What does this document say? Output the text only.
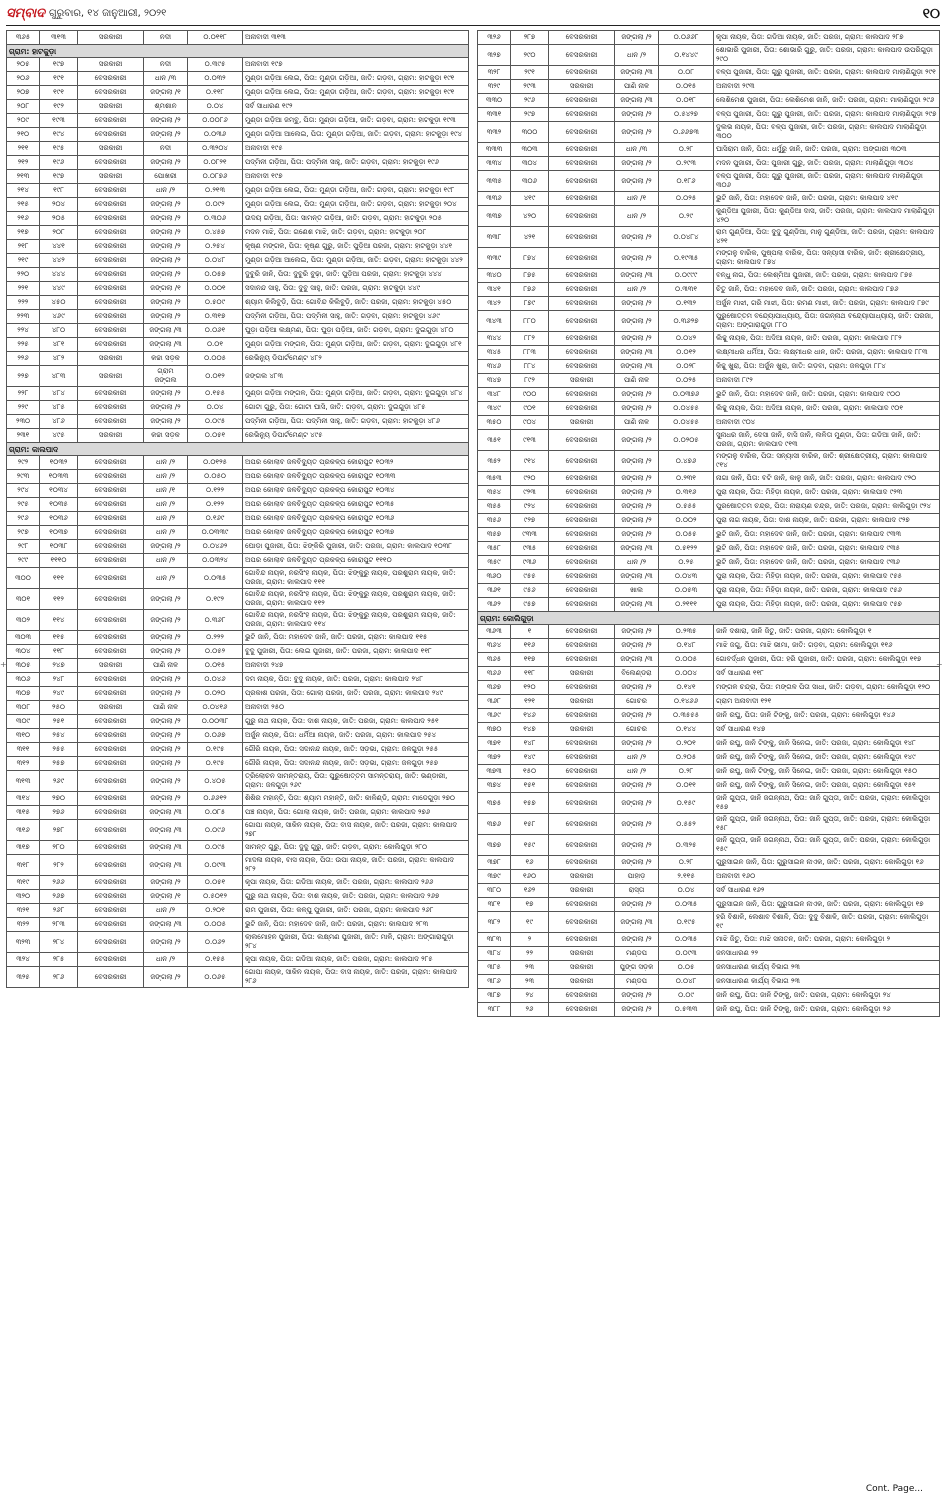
ସମ୍ବାଦ ଗୁରୁବାର, ୧୪ ଜାନୁଆରୀ, ୨୦୨୧	୧୦
+	+
୩୬୫	୩୧୩	ସରକାରୀ	ନଦୀ	୦.୦୧୧୮	ଅନାବାଦୀ ୩୧୩
ଗ୍ରାମ: ହାଟକୁଡ଼ା					
୨୦୫	୧୯୭	ସରକାରୀ	ନଦୀ	୦.୩୯୫	ଅନାବାଦୀ ୧୯୭
୨୦୬	୧୯୧	ବେସରକାରୀ	ଧାନ /୩	୦.୦୩୨	ମୁଣ୍ଡା ଗଡ଼ିଆ ଲେଇ, ପିତା: ମୁଣ୍ଡା ଗଡ଼ିଆ, ଜାତି: ଗଡ଼ବା, ଗ୍ରାମ: ହାଟକୁଡ଼ା ୧୯୧
୨୦୭	୧୯୧	ବେସରକାରୀ	ଜଙ୍ଗଲା /୧	୦.୧୧୮	ମୁଣ୍ଡା ଗଡ଼ିଆ ଲେଇ, ପିତା: ମୁଣ୍ଡା ଗଡ଼ିଆ, ଜାତି: ଗଡ଼ବା, ଗ୍ରାମ: ହାଟକୁଡ଼ା ୧୯୧
୨୦୮	୧୯୨	ସରକାରୀ	ଶ୍ମଶାନ	୦.୦୪	ସର୍ବ ସାଧାରଣ ୧୯୨
୨୦୯	୧୯୩	ବେସରକାରୀ	ଜଙ୍ଗଲା /୨	୦.୦୦୮୬	ମୁଣ୍ଡା ଗଡ଼ିଆ ଜମ୍ବୁ, ପିତା: ମୁଣ୍ଡା ଗଡ଼ିଆ, ଜାତି: ଗଡ଼ବା, ଗ୍ରାମ: ହାଟକୁଡ଼ା ୧୯୩
୨୧୦	୧୯୪	ବେସରକାରୀ	ଜଙ୍ଗଲା /୨	୦.୦୩୬	ମୁଣ୍ଡା ଗଡ଼ିଆ ଆଲେଇ, ପିତା: ମୁଣ୍ଡା ଗଡ଼ିଆ, ଜାତି: ଗଡ଼ବା, ଗ୍ରାମ: ହାଟକୁଡ଼ା ୧୯୪
୨୧୧	୧୯୫	ସରକାରୀ	ନଦୀ	୦.୩୨୦୪	ଅନାବାଦୀ ୧୯୫
୨୧୨	୧୯୬	ବେସରକାରୀ	ଜଙ୍ଗଲା /୨	୦.୦୮୨୧	ପଦ୍ମିନୀ ଗଡ଼ିଆ, ପିତା: ପଦ୍ମିନୀ ସାହୁ, ଜାତି: ଗଡ଼ବା, ଗ୍ରାମ: ହାଟକୁଡ଼ା ୧୯୬
୨୧୩	୧୯୭	ସରକାରୀ	ପୋଖରୀ	୦.୦୮୭୬	ଅନାବାଦୀ ୧୯୭
୨୧୪	୧୯୮	ବେସରକାରୀ	ଧାନ /୨	୦.୨୧୩	ମୁଣ୍ଡା ଗଡ଼ିଆ ଲେଇ, ପିତା: ମୁଣ୍ଡା ଗଡ଼ିଆ, ଜାତି: ଗଡ଼ବା, ଗ୍ରାମ: ହାଟକୁଡ଼ା ୧୯୮
୨୧୫	୨୦୪	ବେସରକାରୀ	ଜଙ୍ଗଲା /୨	୦.୦୯୨	ମୁଣ୍ଡା ଗଡ଼ିଆ ଲେଇ, ପିତା: ମୁଣ୍ଡା ଗଡ଼ିଆ, ଜାତି: ଗଡ଼ବା, ଗ୍ରାମ: ହାଟକୁଡ଼ା ୨୦୪
୨୧୬	୨୦୫	ବେସରକାରୀ	ଜଙ୍ଗଲା /୨	୦.୩୦୬	ଉଦୟ ଗଡ଼ିଆ, ପିତା: ସାମନ୍ତ ଗଡ଼ିଆ, ଜାତି: ଗଡ଼ବା, ଗ୍ରାମ: ହାଟକୁଡ଼ା ୨୦୫
୨୧୭	୨୦୮	ବେସରକାରୀ	ଜଙ୍ଗଲା /୨	୦.୪୫୭	ମଦନ ମାଝି, ପିତା: ଗଣେଶ ମାଝି, ଜାତି: ଗଡ଼ବା, ଗ୍ରାମ: ହାଟକୁଡ଼ା ୨୦୮
୨୧୮	୪୪୧	ବେସରକାରୀ	ଜଙ୍ଗଲା /୨	୦.୨୫୪	କୃଷ୍ଣ ମଙ୍ଗଳ, ପିତା: କୃଷ୍ଣ ଗୁରୁ, ଜାତି: ପୁଡ଼ିଆ ପରଜା, ଗ୍ରାମ: ହାଟକୁଡ଼ା ୪୪୧
୨୧୯	୪୪୨	ବେସରକାରୀ	ଜଙ୍ଗଲା /୨	୦.୦୪୮	ମୁଣ୍ଡା ଗଡ଼ିଆ ଆଲେଇ, ପିତା: ମୁଣ୍ଡା ଗଡ଼ିଆ, ଜାତି: ଗଡ଼ବା, ଗ୍ରାମ: ହାଟକୁଡ଼ା ୪୪୨
୨୨୦	୪୪୪	ବେସରକାରୀ	ଜଙ୍ଗଲା /୨	୦.୦୫୭	ଦୁବୁରି ଜାନି, ପିତା: ଦୁବୁରି ବୁଢ଼ା, ଜାତି: ପୁଡ଼ିଆ ପରଜା, ଗ୍ରାମ: ହାଟକୁଡ଼ା ୪୪୪
୨୨୧	୪୪୯	ବେସରକାରୀ	ଜଙ୍ଗଲା /୧	୦.୦୦୧	ସଦାନନ୍ଦ ସାହୁ, ପିତା: ଦୁବୁ ସାହୁ, ଜାତି: ପରଜା, ଗ୍ରାମ: ହାଟକୁଡ଼ା ୪୪୯
୨୨୨	୪୫୦	ବେସରକାରୀ	ଜଙ୍ଗଲା /୨	୦.୫୦୯	ଶ୍ୟାମ କିଲିବୁଡ଼ି, ପିତା: ଗୋବିନ୍ଦ କିଲିବୁଡ଼ି, ଜାତି: ପରଜା, ଗ୍ରାମ: ହାଟକୁଡ଼ା ୪୫୦
୨୨୩	୪୬୯	ବେସରକାରୀ	ଜଙ୍ଗଲା /୨	୦.୩୧୭	ପଦ୍ମିନୀ ଗଡ଼ିଆ, ପିତା: ପଦ୍ମିନୀ ସାହୁ, ଜାତି: ଗଡ଼ବା, ଗ୍ରାମ: ହାଟକୁଡ଼ା ୪୬୯
୨୨୪	୪୮୦	ବେସରକାରୀ	ଜଙ୍ଗଲା /୩	୦.୦୬୧	ଘୁଡ଼ା ପଡ଼ିଆ ଲକ୍ଷ୍ମଣ, ପିତା: ଘୁଡ଼ା ପଡ଼ିଆ, ଜାତି: ଗଡ଼ବା, ଗ୍ରାମ: ଦୁଇଗୁଡ଼ା ୪୮୦
୨୨୫	୪୮୧	ବେସରକାରୀ	ଜଙ୍ଗଲା /୩	୦.୦୧	ମୁଣ୍ଡା ଗଡ଼ିଆ ମଙ୍ଗଳ, ପିତା: ମୁଣ୍ଡା ଗଡ଼ିଆ, ଜାତି: ଗଡ଼ବା, ଗ୍ରାମ: ଦୁଇଗୁଡ଼ା ୪୮୧
୨୨୬	୪୮୨	ସରକାରୀ	କଚ୍ଚା ସଡ଼କ	୦.୦୦୫	ରେଭିନ୍ୟୁ ଡିପାର୍ଟମେଣ୍ଟ ୪୮୨
୨୨୭	୪୮୩	ସରକାରୀ	ଗ୍ରାମ ଜଙ୍ଗଲ	୦.୦୧୨	ଜଙ୍ଗଲ ୪୮୩
୨୨୮	୪୮୪	ବେସରକାରୀ	ଜଙ୍ଗଲା /୨	୦.୧୫୫	ମୁଣ୍ଡା ଗଡ଼ିଆ ମଙ୍ଗଳ, ପିତା: ମୁଣ୍ଡା ଗଡ଼ିଆ, ଜାତି: ଗଡ଼ବା, ଗ୍ରାମ: ଦୁଇଗୁଡ଼ା ୪୮୪
୨୨୯	୪୮୫	ବେସରକାରୀ	ଜଙ୍ଗଲା /୨	୦.୦୪	ଗୋଟା ଗୁରୁ, ପିତା: ଗୋଟା ଘାସି, ଜାତି: ଗଡ଼ବା, ଗ୍ରାମ: ଦୁଇଗୁଡ଼ା ୪୮୫
୨୩୦	୪୮୬	ବେସରକାରୀ	ଜଙ୍ଗଲା /୨	୦.୦୯୫	ପଦ୍ମିନୀ ଗଡ଼ିଆ, ପିତା: ପଦ୍ମିନୀ ସାହୁ, ଜାତି: ଗଡ଼ବା, ଗ୍ରାମ: ହାଟକୁଡ଼ା ୪୮୬
୨୩୧	୪୯୫	ସରକାରୀ	କଚ୍ଚା ସଡ଼କ	୦.୦୫୧	ରେଭିନ୍ୟୁ ଡିପାର୍ଟମେଣ୍ଟ ୪୯୫
ଗ୍ରାମ: କାଲପାଦ					
୨୯୨	୧୦୩୨	ବେସରକାରୀ	ଧାନ /୨	୦.୦୧୨୫	ଅପର କୋଲାବ ଜଳବିଦ୍ୟୁତ ପ୍ରକଳ୍ପ କୋରାପୁଟ ୧୦୩୨
୨୯୩	୧୦୩୩	ବେସରକାରୀ	ଧାନ /୨	୦.୦୫୦	ଅପର କୋଲାବ ଜଳବିଦ୍ୟୁତ ପ୍ରକଳ୍ପ କୋରାପୁଟ ୧୦୩୩
୨୯୪	୧୦୩୪	ବେସରକାରୀ	ଧାନ /୧	୦.୧୨୨	ଅପର କୋଲାବ ଜଳବିଦ୍ୟୁତ ପ୍ରକଳ୍ପ କୋରାପୁଟ ୧୦୩୪
୨୯୫	୧୦୩୫	ବେସରକାରୀ	ଧାନ /୨	୦.୧୨୨	ଅପର କୋଲାବ ଜଳବିଦ୍ୟୁତ ପ୍ରକଳ୍ପ କୋରାପୁଟ ୧୦୩୫
୨୯୬	୧୦୩୬	ବେସରକାରୀ	ଧାନ /୨	୦.୧୬୯	ଅପର କୋଲାବ ଜଳବିଦ୍ୟୁତ ପ୍ରକଳ୍ପ କୋରାପୁଟ ୧୦୩୬
୨୯୭	୧୦୩୭	ବେସରକାରୀ	ଧାନ /୨	୦.୦୩୩୯	ଅପର କୋଲାବ ଜଳବିଦ୍ୟୁତ ପ୍ରକଳ୍ପ କୋରାପୁଟ ୧୦୩୭
୨୯୮	୧୦୩୮	ବେସରକାରୀ	ଜଙ୍ଗଲା /୨	୦.୦୪୬୨	ଘୋଡ଼ା ପୁଜାରୀ, ପିତା: ଝିଙ୍କିରି ପୁଜାରୀ, ଜାତି: ପରଜା, ଗ୍ରାମ: କାଲପାଦ ୧୦୩୮
୨୯୯	୧୧୧୦	ବେସରକାରୀ	ଧାନ /୨	୦.୦୩୨୪	ଅପର କୋଲାବ ଜଳବିଦ୍ୟୁତ ପ୍ରକଳ୍ପ କୋରାପୁଟ ୧୧୧୦
୩୦୦	୧୧୧	ବେସରକାରୀ	ଧାନ /୨	୦.୦୩୫	ଗୋବିନ୍ଦ ନାୟକ, ନରସିଂହ ନାୟକ, ପିତା: ଝିଙ୍କୁରୁ ନାୟକ, ପରଶୁରାମ ନାୟକ, ଜାତି: ପରଜା, ଗ୍ରାମ: କାଲପାଦ ୧୧୧
୩୦୧	୧୧୨	ବେସରକାରୀ	ଜଙ୍ଗଲା /୨	୦.୧୯୨	ଗୋବିନ୍ଦ ନାୟକ, ନରସିଂହ ନାୟକ, ପିତା: ଝିଙ୍କୁରୁ ନାୟକ, ପରଶୁରାମ ନାୟକ, ଜାତି: ପରଜା, ଗ୍ରାମ: କାଲପାଦ ୧୧୨
୩୦୨	୧୧୪	ବେସରକାରୀ	ଜଙ୍ଗଲା /୨	୦.୩୬୮	ଗୋବିନ୍ଦ ନାୟକ, ନରସିଂହ ନାୟକ, ପିତା: ଝିଙ୍କୁରୁ ନାୟକ, ପରଶୁରାମ ନାୟକ, ଜାତି: ପରଜା, ଗ୍ରାମ: କାଲପାଦ ୧୧୪
୩୦୩	୧୧୫	ବେସରକାରୀ	ଜଙ୍ଗଲା /୨	୦.୨୨୨	ଭୁଟି ଜାନି, ପିତା: ମହାଦେବ ଜାନି, ଜାତି: ପରଜା, ଗ୍ରାମ: କାଲପାଦ ୧୧୫
୩୦୪	୧୧୮	ବେସରକାରୀ	ଜଙ୍ଗଲା /୨	୦.୦୫୨	ବୁଦୁ ପୁଜାରୀ, ପିତା: ଲେଇ ପୁଜାରୀ, ଜାତି: ପରଜା, ଗ୍ରାମ: କାଲପାଦ ୧୧୮
୩୦୫	୨୪୭	ସରକାରୀ	ପାଣି ନାଳ	୦.୦୧୫	ଅନାବାଦୀ ୨୪୭
୩୦୬	୨୪୮	ବେସରକାରୀ	ଜଙ୍ଗଲା /୨	୦.୦୪୬	ଦମ ନାୟକ, ପିତା: ବୁଦୁ ନାୟକ, ଜାତି: ପରଜା, ଗ୍ରାମ: କାଲପାଦ ୨୪୮
୩୦୭	୨୪୯	ବେସରକାରୀ	ଜଙ୍ଗଲା /୨	୦.୦୨୦	ପ୍ରକାଶ ପରଜା, ପିତା: ଗୋଲା ପରଜା, ଜାତି: ପରଜା, ଗ୍ରାମ: କାଲପାଦ ୨୪୯
୩୦୮	୨୫୦	ସରକାରୀ	ପାଣି ନାଳ	୦.୦୪୧୬	ଅନାବାଦୀ ୨୫୦
୩୦୯	୨୫୧	ବେସରକାରୀ	ଜଙ୍ଗଲା /୨	୦.୦୦୩୮	ଗୁରୁ ନାଥ ନାୟକ, ପିତା: ଦାଶ ନାୟକ, ଜାତି: ପରଜା, ଗ୍ରାମ: କାଲପାଦ ୨୫୧
୩୧୦	୨୫୪	ବେସରକାରୀ	ଜଙ୍ଗଲା /୨	୦.୦୬୭	ଅର୍ଜୁନ ନାୟକ, ପିତା: ଧର୍ମିଆ ନାୟକ, ଜାତି: ପରଜା, ଗ୍ରାମ: କାଲପାଦ ୨୫୪
୩୧୧	୨୫୫	ବେସରକାରୀ	ଜଙ୍ଗଲା /୨	୦.୧୯୫	ଗୌରି ନାୟକ, ପିତା: ସଦାନନ୍ଦ ନାୟକ, ଜାତି: ସଡ଼ଭା, ଗ୍ରାମ: ଜଳଗୁଡ଼ା ୨୫୫
୩୧୨	୨୫୭	ବେସରକାରୀ	ଜଙ୍ଗଲା /୨	୦.୧୯୫	ଗୌରି ନାୟକ, ପିତା: ସଦାନନ୍ଦ ନାୟକ, ଜାତି: ସଡ଼ଭା, ଗ୍ରାମ: ଜଳଗୁଡ଼ା ୨୫୭
୩୧୩	୨୬୯	ବେସରକାରୀ	ଜଙ୍ଗଲା /୨	୦.୪୦୫	ତ୍ରିଲୋଚନ ସାମନ୍ତରାୟ, ପିତା: ପୁରୁଷୋତ୍ତମ ସାମନ୍ତରାୟ, ଜାତି: ଭଣ୍ଡାରୀ, ଗ୍ରାମ: ଜଳଗୁଡ଼ା ୨୬୯
୩୧୪	୨୭୦	ବେସରକାରୀ	ଜଙ୍ଗଲା /୨	୦.୬୬୧୨	ଶିଶିର ମହାନ୍ତି, ପିତା: ଶ୍ୟାମ ମହାନ୍ତି, ଜାତି: କାଳିଣ୍ଡି, ଗ୍ରାମ: ମାଡେଗୁଡ଼ା ୨୭୦
୩୧୫	୨୭୬	ବେସରକାରୀ	ଜଙ୍ଗଲା /୩	୦.୦୮୫	ପଞ୍ଚ ନାୟକ, ପିତା: ଗୋଲା ନାୟକ, ଜାତି: ପରଜା, ଗ୍ରାମ: କାଲପାଦ ୨୭୬
୩୧୬	୨୭୮	ବେସରକାରୀ	ଜଙ୍ଗଲା /୩	୦.୦୯୬	ଗୋପା ନାୟକ, ସାକିନ ନାୟକ, ପିତା: ବାସ ନାୟକ, ଜାତି: ପରଜା, ଗ୍ରାମ: କାଲପାଦ ୨୭୮
୩୧୭	୨୮୦	ବେସରକାରୀ	ଜଙ୍ଗଲା /୩	୦.୦୯୫	ସାମନ୍ତ ଗୁରୁ, ପିତା: ଦୁଦୁ ଗୁରୁ, ଜାତି: ଗଡ଼ବା, ଗ୍ରାମ: କୋଲିଗୁଡ଼ା ୨୮୦
୩୧୮	୨୮୨	ବେସରକାରୀ	ଜଙ୍ଗଲା /୩	୦.୦୯୩	ମାଦଳା ନାୟକ, ବାସ ନାୟକ, ପିତା: ଉପା ନାୟକ, ଜାତି: ପରଜା, ଗ୍ରାମ: କାଲପାଦ ୨୮୨
୩୧୯	୨୬୬	ବେସରକାରୀ	ଜଙ୍ଗଲା /୨	୦.୦୫୧	କୃପା ନାୟକ, ପିତା: ଗଡିଆ ନାୟକ, ଜାତି: ପରଜା, ଗ୍ରାମ: କାଲପାଦ ୨୬୬
୩୨୦	୨୬୭	ବେସରକାରୀ	ଜଙ୍ଗଲା /୧	୦.୫୦୧୨	ଗୁରୁ ନାଥ ନାୟକ, ପିତା: ବାଶ ନାୟକ, ଜାତି: ପରଜା, ଗ୍ରାମ: କାଲପାଦ ୨୬୭
୩୨୧	୨୬୮	ବେସରକାରୀ	ଧାନ /୨	୦.୨୦୧	ରାମ ପୁଜାରୀ, ପିତା: କଳ୍ପୁ ପୁଜାରୀ, ଜାତି: ପରଜା, ଗ୍ରାମ: କାଲପାଦ ୨୬୮
୩୨୨	୨୮୩	ବେସରକାରୀ	ଜଙ୍ଗଲା /୩	୦.୦୦୫	ଭୁଟି ଜାନି, ପିତା: ମହାଦେବ ଜାନି, ଜାତି: ପରଜା, ଗ୍ରାମ: କାଲପାଦ ୨୮୩
୩୨୩	୨୮୪	ବେସରକାରୀ	ଜଙ୍ଗଲା /୨	୦.୦୬୨	ଲାଲମୋହନ ପୁଜାରୀ, ପିତା: ଲକ୍ଷ୍ମଣ ପୁଜାରୀ, ଜାତି: ମାଳି, ଗ୍ରାମ: ଅଙ୍ଗାରାଗୁଡ଼ା ୨୮୪
୩୨୪	୨୮୫	ବେସରକାରୀ	ଧାନ /୨	୦.୧୫୫	କୃପା ନାୟକ, ପିତା: ଗଡିଆ ନାୟକ, ଜାତି: ପରଜା, ଗ୍ରାମ: କାଲପାଦ ୨୮୫
୩୨୫	୨୮୬	ବେସରକାରୀ	ଜଙ୍ଗଲା /୨	୦.୦୬୫	ଗୋପା ନାୟକ, ସାକିନ ନାୟକ, ପିତା: ବାସ ନାୟକ, ଜାତି: ପରଜା, ଗ୍ରାମ: କାଲପାଦ ୨୮୬
୩୨୬	୨୮୭	ବେସରକାରୀ	ଜଙ୍ଗଲା /୨	୦.୦୬୬୮	କୃପା ନାୟକ, ପିତା: ଗଡିଆ ନାୟକ, ଜାତି: ପରଜା, ଗ୍ରାମ: କାଲପାଦ ୨୮୭
୩୨୭	୨୯୦	ବେସରକାରୀ	ଧାନ /୨	୦.୧୪୪୯	ଶୋଭାରି ପୁଜାରୀ, ପିତା: ଶୋଭାରି ଗୁରୁ, ଜାତି: ପରଜା, ଗ୍ରାମ: କାଲପାଦ ଉପରିଗୁଡ଼ା ୨୯୦
୩୨୮	୨୯୧	ବେସରକାରୀ	ଜଙ୍ଗଲା /୩	୦.୦୮	ବଳ୍ପ ପୁଜାରୀ, ପିତା: ଗୁରୁ ପୁଜାରୀ, ଜାତି: ପରଜା, ଗ୍ରାମ: କାଲପାଦ ମାଲାଣିଗୁଡ଼ା ୨୯୧
୩୨୯	୨୯୩	ସରକାରୀ	ପାଣି ନାଳ	୦.୦୧୫	ଅନାବାଦୀ ୨୯୩
୩୩୦	୨୯୬	ବେସରକାରୀ	ଜଙ୍ଗଲା /୩	୦.୦୧୮	ଲେଶିମେଶ ପୁଜାରୀ, ପିତା: ଲେଶିମେଶ ଜାନି, ଜାତି: ପରଜା, ଗ୍ରାମ: ମାଲାଣିଗୁଡ଼ା ୨୯୬
୩୩୧	୨୯୭	ବେସରକାରୀ	ଜଙ୍ଗଲା /୨	୦.୫୪୨୭	ବଳ୍ପ ପୁଜାରୀ, ପିତା: ଗୁରୁ ପୁଜାରୀ, ଜାତି: ପରଜା, ଗ୍ରାମ: କାଲପାଦ ମାଲାଣିଗୁଡ଼ା ୨୯୭
୩୩୨	୩୦୦	ବେସରକାରୀ	ଜଙ୍ଗଲା /୨	୦.୬୬୭୩	ଦୁଲଭ ନାୟକ, ପିତା: ବଳ୍ପ ପୁଜାରୀ, ଜାତି: ପରଜା, ଗ୍ରାମ: କାଲପାଦ ମାଲାଣିଗୁଡ଼ା ୩୦୦
୩୩୩	୩୦୩	ବେସରକାରୀ	ଧାନ /୩	୦.୨୮	ଘାସିରାମ ଜାନି, ପିତା: ଧର୍ମୁରୁ ଜାନି, ଜାତି: ପରଜା, ଗ୍ରାମ: ଅଙ୍ଗାରୀ ୩୦୩
୩୩୪	୩୦୪	ବେସରକାରୀ	ଜଙ୍ଗଲା /୨	୦.୨୯୩	ମଦନ ପୁଜାରୀ, ପିତା: ପୁଜାରୀ ଗୁରୁ, ଜାତି: ପରଜା, ଗ୍ରାମ: ମାଲାଣିଗୁଡ଼ା ୩୦୪
୩୩୫	୩୦୬	ବେସରକାରୀ	ଜଙ୍ଗଲା /୨	୦.୧୮୬	ବଳ୍ପ ପୁଜାରୀ, ପିତା: ଗୁରୁ ପୁଜାରୀ, ଜାତି: ପରଜା, ଗ୍ରାମ: କାଲପାଦ ମାଲାଣିଗୁଡ଼ା ୩୦୬
୩୩୬	୪୧୯	ବେସରକାରୀ	ଧାନ /୧	୦.୦୨୫	ଭୁଟି ଜାନି, ପିତା: ମହାଦେବ ଜାନି, ଜାତି: ପରଜା, ଗ୍ରାମ: କାଲପାଦ ୪୧୯
୩୩୭	୪୨୦	ବେସରକାରୀ	ଧାନ /୨	୦.୨୯	କୁଣ୍ଡିଆ ପୁଜାରୀ, ପିତା: କୁଣ୍ଡିଆ ଦାସ, ଜାତି: ପରଜା, ଗ୍ରାମ: କାଲପାଦ ମାଲାଣିଗୁଡ଼ା ୪୨୦
୩୩୮	୪୨୧	ବେସରକାରୀ	ଜଙ୍ଗଲା /୨	୦.୦୪୮୪	ରାମ ଗୁଣ୍ଡିଆ, ପିତା: ଦୁଦୁ ଗୁଣ୍ଡିଆ, ମାନୁ ଗୁଣ୍ଡିଆ, ଜାତି: ପରଜା, ଗ୍ରାମ: କାଲପାଦ ୪୨୧
୩୩୯	୮୭୪	ବେସରକାରୀ	ଜଙ୍ଗଲା /୨	୦.୧୯୩୫	ମଙ୍ଗଳୁ ବାରିକ, ପୁଷ୍ପଲା ବାରିକ, ପିତା: ସନ୍ୟାସୀ ବାରିକ, ଜାତି: ଶ୍ରୀକ୍ଷେତ୍ରୀୟ, ଗ୍ରାମ: କାଲପାଦ ୮୭୪
୩୪୦	୮୭୫	ବେସରକାରୀ	ଜଙ୍ଗଲା /୩	୦.୦୯୯୯	ବନ୍ଧୁ ନାଗ, ପିତା: ଲେଶ୍ମିଆ ପୁଜାରୀ, ଜାତି: ପରଜା, ଗ୍ରାମ: କାଲପାଦ ୮୭୫
୩୪୧	୮୭୬	ବେସରକାରୀ	ଧାନ /୨	୦.୩୩୧	ଚିତୁ ଜାନି, ପିତା: ମହାଦେବ ଜାନି, ଜାତି: ପରଜା, ଗ୍ରାମ: କାଲପାଦ ୮୭୬
୩୪୨	୮୭୯	ବେସରକାରୀ	ଜଙ୍ଗଲା /୨	୦.୧୩୨	ଅର୍ଜୁନ ମାଝୀ, ଗରି ମାଝୀ, ପିତା: ରମଣ ମାଝୀ, ଜାତି: ପରଜା, ଗ୍ରାମ: କାଲପାଦ ୮୭୯
୩୪୩	୮୮୦	ବେସରକାରୀ	ଜଙ୍ଗଲା /୨	୦.୩୬୨୭	ପୁରୁଷୋତ୍ତମ ବନ୍ଦ୍ୟୋପାଧ୍ୟାୟ, ପିତା: ଜଗନ୍ନାଥ ବନ୍ଦ୍ୟୋପାଧ୍ୟାୟ, ଜାତି: ପରଜା, ଗ୍ରାମ: ଅଙ୍ଗାରାଗୁଡ଼ା ୮୮୦
୩୪୪	୮୮୨	ବେସରକାରୀ	ଜଙ୍ଗଲା /୨	୦.୦୪୨	ଲିଚ୍ଚୁ ନାୟକ, ପିତା: ଅଦିଆ ନାୟକ, ଜାତି: ପରଜା, ଗ୍ରାମ: କାଲପାଦ ୮୮୨
୩୪୫	୮୮୩	ବେସରକାରୀ	ଜଙ୍ଗଲା /୩	୦.୦୧୨	ଲକ୍ଷ୍ମୀଧର ଧର୍ମିଆ, ପିତା: ଲକ୍ଷ୍ମୀଧର ଧାନ, ଜାତି: ପରଜା, ଗ୍ରାମ: କାଲପାଦ ୮୮୩
୩୪୬	୮୮୪	ବେସରକାରୀ	ଜଙ୍ଗଲା /୩	୦.୦୨୮	କିଚ୍ଚୁ ଖୁରା, ପିତା: ଅର୍ଜୁନ ଖୁରା, ଜାତି: ଗଡ଼ବା, ଗ୍ରାମ: ଜଳଗୁଡ଼ା ୮୮୪
୩୪୭	୮୯୨	ସରକାରୀ	ପାଣି ନାଳ	୦.୦୨୫	ଅନାବାଦୀ ୮୯୨
୩୪୮	୯୦୦	ବେସରକାରୀ	ଜଙ୍ଗଲା /୨	୦.୦୩୭୬	ଭୁଟି ଜାନି, ପିତା: ମହାଦେବ ଜାନି, ଜାତି: ପରଜା, ଗ୍ରାମ: କାଲପାଦ ୯୦୦
୩୪୯	୯୦୧	ବେସରକାରୀ	ଜଙ୍ଗଲା /୨	୦.୦୪୫୫	ଲିଚ୍ଚୁ ନାୟକ, ପିତା: ଅଦିଆ ନାୟକ, ଜାତି: ପରଜା, ଗ୍ରାମ: କାଲପାଦ ୯୦୧
୩୫୦	୯୦୪	ସରକାରୀ	ପାଣି ନାଳ	୦.୦୪୫୫	ଅନାବାଦୀ ୯୦୪
୩୫୧	୯୧୩	ବେସରକାରୀ	ଜଙ୍ଗଲା /୨	୦.୦୨୦୫	ସୁନାଧର ଜାନି, ଦେସା ଜାନି, ବାସି ଜାନି, ଲଳିତା ମୁଣ୍ଡା, ପିତା: ଗଡିଆ ଜାନି, ଜାତି: ପରଜା, ଗ୍ରାମ: କାଲପାଦ ୯୧୩
୩୫୨	୯୧୪	ବେସରକାରୀ	ଜଙ୍ଗଲା /୨	୦.୪୭୬	ମଙ୍ଗଳୁ ବାରିକ, ପିତା: ସନ୍ୟାସୀ ବାରିକ, ଜାତି: ଶ୍ରୀକ୍ଷେତ୍ରୀୟ, ଗ୍ରାମ: କାଲପାଦ ୯୧୪
୩୫୩	୯୨୦	ବେସରକାରୀ	ଜଙ୍ଗଲା /୨	୦.୨୩୧	ନାଗା ଜାନି, ପିତା: ବଟି ଜାନି, କାଳୁ ଜାନି, ଜାତି: ପରଜା, ଗ୍ରାମ: କାଲପାଦ ୯୨୦
୩୫୪	୯୨୩	ବେସରକାରୀ	ଜଙ୍ଗଲା /୨	୦.୩୧୬	ପୁରା ନାୟକ, ପିତା: ମିହିଡ଼ା ନାୟକ, ଜାତି: ପରଜା, ଗ୍ରାମ: କାଲପାଦ ୯୨୩
୩୫୫	୯୨୪	ବେସରକାରୀ	ଜଙ୍ଗଲା /୨	୦.୫୫୫	ପୁରଷୋତ୍ତମ ଚନ୍ଦ୍ର, ପିତା: ନାରାୟଣ ଚନ୍ଦ୍ର, ଜାତି: ପରଜା, ଗ୍ରାମ: କାଲିଗୁଡ଼ା ୯୨୪
୩୫୬	୯୨୭	ବେସରକାରୀ	ଜଙ୍ଗଲା /୨	୦.୦୦୨	ପୁରା ନାଗ ନାୟକ, ପିତା: ଦାଶ ନାୟକ, ଜାତି: ପରଜା, ଗ୍ରାମ: କାଲପାଦ ୯୨୭
୩୫୭	୯୩୩	ବେସରକାରୀ	ଜଙ୍ଗଲା /୨	୦.୦୫୫	ଭୁଟି ଜାନି, ପିତା: ମହାଦେବ ଜାନି, ଜାତି: ପରଜା, ଗ୍ରାମ: କାଲପାଦ ୯୩୩
୩୫୮	୯୩୫	ବେସରକାରୀ	ଜଙ୍ଗଲା /୩	୦.୫୧୨୨	ଭୁଟି ଜାନି, ପିତା: ମହାଦେବ ଜାନି, ଜାତି: ପରଜା, ଗ୍ରାମ: କାଲପାଦ ୯୩୫
୩୫୯	୯୩୬	ବେସରକାରୀ	ଧାନ /୨	୦.୨୫	ଭୁଟି ଜାନି, ପିତା: ମହାଦେବ ଜାନି, ଜାତି: ପରଜା, ଗ୍ରାମ: କାଲପାଦ ୯୩୬
୩୬୦	୯୫୫	ବେସରକାରୀ	ଜଙ୍ଗଲା /୩	୦.୦୪୩	ପୁରା ନାୟକ, ପିତା: ମିହିଡ଼ା ନାୟକ, ଜାତି: ପରଜା, ଗ୍ରାମ: କାଲପାଦ ୯୫୫
୩୬୧	୯୫୬	ବେସରକାରୀ	ଖାଲ	୦.୦୫୩	ପୁରା ନାୟକ, ପିତା: ମିହିଡ଼ା ନାୟକ, ଜାତି: ପରଜା, ଗ୍ରାମ: କାଲପାଦ ୯୫୬
୩୬୨	୯୫୭	ବେସରକାରୀ	ଜଙ୍ଗଲା /୩	୦.୨୧୧୧	ପୁରା ନାୟକ, ପିତା: ମିହିଡ଼ା ନାୟକ, ଜାତି: ପରଜା, ଗ୍ରାମ: କାଲପାଦ ୯୫୭
ଗ୍ରାମ: କୋଲିଗୁଡ଼ା					
୩୬୩	୧	ବେସରକାରୀ	ଜଙ୍ଗଲା /୨	୦.୨୩୫	ଜାନି ଦଶାରା, ଜାନି ଜିତୁ, ଜାତି: ପରଜା, ଗ୍ରାମ: କୋଲିଗୁଡ଼ା ୧
୩୬୪	୧୧୬	ବେସରକାରୀ	ଜଙ୍ଗଲା /୨	୦.୧୪୮	ମାଝି ଜଗୁ, ପିତା: ମାଝି ଭୀମା, ଜାତି: ଗଡ଼ବା, ଗ୍ରାମ: କୋଲିଗୁଡ଼ା ୧୧୬
୩୬୫	୧୧୭	ବେସରକାରୀ	ଜଙ୍ଗଲା /୩	୦.୦୦୫	ଗୋବର୍ଦ୍ଧନ ପୁଜାରୀ, ପିତା: ହରି ପୁଜାରୀ, ଜାତି: ପରଜା, ଗ୍ରାମ: କୋଲିଗୁଡ଼ା ୧୧୭
୩୬୬	୧୧୮	ସରକାରୀ	ବିଲେଣ୍ଡରା	୦.୦୦୪	ସର୍ବ ସାଧାରଣ ୧୧୮
୩୬୭	୧୨୦	ବେସରକାରୀ	ଜଙ୍ଗଲା /୨	୦.୧୪୧	ମଙ୍ଗଳ ଚନ୍ଦ୍ରା, ପିତା: ମଙ୍ଗଳ ପିତା ସାଧା, ଜାତି: ଗଡ଼ବା, ଗ୍ରାମ: କୋଲିଗୁଡ଼ା ୧୨୦
୩୬୮	୧୨୧	ସରକାରୀ	ଗୋଚର	୦.୧୪୬୬	ଗ୍ରାମ ଅନାବାଦୀ ୧୨୧
୩୬୯	୧୪୬	ବେସରକାରୀ	ଜଙ୍ଗଲା /୨	୦.୩୫୫୫	ଜାନି ରଘୁ, ପିତା: ଜାନି ଟିଙ୍କୁ, ଜାତି: ପରଜା, ଗ୍ରାମ: କୋଲିଗୁଡ଼ା ୧୪୬
୩୭୦	୧୪୭	ସରକାରୀ	ଗୋଚର	୦.୧୪୪	ସର୍ବ ସାଧାରଣ ୧୪୭
୩୭୧	୧୪୮	ବେସରକାରୀ	ଜଙ୍ଗଲା /୨	୦.୨୦୧	ଜାନି ରଘୁ, ଜାନି ଟିଙ୍କୁ, ଜାନି ସିନେଇ, ଜାତି: ପରଜା, ଗ୍ରାମ: କୋଲିଗୁଡ଼ା ୧୪୮
୩୭୨	୧୪୯	ବେସରକାରୀ	ଧାନ /୨	୦.୨୦୫	ଜାନି ରଘୁ, ଜାନି ଟିଙ୍କୁ, ଜାନି ସିନେଇ, ଜାତି: ପରଜା, ଗ୍ରାମ: କୋଲିଗୁଡ଼ା ୧୪୯
୩୭୩	୧୫୦	ବେସରକାରୀ	ଧାନ /୨	୦.୨୮	ଜାନି ରଘୁ, ଜାନି ଟିଙ୍କୁ, ଜାନି ସିନେଇ, ଜାତି: ପରଜା, ଗ୍ରାମ: କୋଲିଗୁଡ଼ା ୧୫୦
୩୭୪	୧୫୧	ବେସରକାରୀ	ଜଙ୍ଗଲା /୨	୦.୦୧୧	ଜାନି ରଘୁ, ଜାନି ଟିଙ୍କୁ, ଜାନି ସିନେଇ, ଜାତି: ପରଜା, ଗ୍ରାମ: କୋଲିଗୁଡ଼ା ୧୫୧
୩୭୫	୧୫୭	ବେସରକାରୀ	ଜଙ୍ଗଲା /୨	୦.୧୫୯	ଜାନି ଗୁପ୍ତା, ଜାନି ଜଗନ୍ନାଥ, ପିତା: ଜାନି ଗୁପ୍ତା, ଜାତି: ପରଜା, ଗ୍ରାମ: କୋଲିଗୁଡ଼ା ୧୫୭
୩୭୬	୧୫୮	ବେସରକାରୀ	ଜଙ୍ଗଲା /୨	୦.୫୫୨	ଜାନି ଗୁପ୍ତା, ଜାନି ଜଗନ୍ନାଥ, ପିତା: ଜାନି ଗୁପ୍ତା, ଜାତି: ପରଜା, ଗ୍ରାମ: କୋଲିଗୁଡ଼ା ୧୫୮
୩୭୭	୧୫୯	ବେସରକାରୀ	ଜଙ୍ଗଲା /୨	୦.୩୨୫	ଜାନି ଗୁପ୍ତା, ଜାନି ଜଗନ୍ନାଥ, ପିତା: ଜାନି ଗୁପ୍ତା, ଜାତି: ପରଜା, ଗ୍ରାମ: କୋଲିଗୁଡ଼ା ୧୫୯
୩୭୮	୧୬	ବେସରକାରୀ	ଜଙ୍ଗଲା /୨	୦.୨୮	ଗୁରୁସାଇନ ଜାନି, ପିତା: ଗୁରୁସାଇନ ନାଏକ, ଜାତି: ପରଜା, ଗ୍ରାମ: କୋଲିଗୁଡ଼ା ୧୬
୩୭୯	୧୬୦	ସରକାରୀ	ପାହାଡ଼	୨.୧୧୫	ଅନାବାଦୀ ୧୬୦
୩୮୦	୧୬୨	ସରକାରୀ	ରାସ୍ତା	୦.୦୪	ସର୍ବ ସାଧାରଣ ୧୬୨
୩୮୧	୧୭	ବେସରକାରୀ	ଜଙ୍ଗଲା /୨	୦.୦୩୫	ଗୁରୁସାଇନ ଜାନି, ପିତା: ଗୁରୁସାଇନ ନାଏକ, ଜାତି: ପରଜା, ଗ୍ରାମ: କୋଲିଗୁଡ଼ା ୧୭
୩୮୨	୧୯	ବେସରକାରୀ	ଜଙ୍ଗଲା /୩	୦.୧୯୫	ହରି ବିଶାଳି, ଲେଶାବ ବିଶାଳି, ପିତା: ଦୁଦୁ ବିଶାଳି, ଜାତି: ପରଜା, ଗ୍ରାମ: କୋଲିଗୁଡ଼ା ୧୯
୩୮୩	୨	ବେସରକାରୀ	ଜଙ୍ଗଲା /୨	୦.୦୩୫	ମାଝି ଜିତୁ, ପିତା: ମାଝି ସନାତନ, ଜାତି: ପରଜା, ଗ୍ରାମ: କୋଲିଗୁଡ଼ା ୨
୩୮୪	୨୨	ସରକାରୀ	ମଣ୍ଡପ	୦.୦୯୩	ଜନସାଧାରଣ ୨୨
୩୮୫	୨୩	ସରକାରୀ	ପୁଙ୍ଗ ସଡ଼କ	୦.୦୫	ଜନସାଧାରଣ କାର୍ଯ୍ୟ ବିଭାଗ ୨୩
୩୮୬	୨୩	ସରକାରୀ	ମଣ୍ଡପ	୦.୦୪୮	ଜନସାଧାରଣ କାର୍ଯ୍ୟ ବିଭାଗ ୨୩
୩୮୭	୨୪	ବେସରକାରୀ	ଜଙ୍ଗଲା /୨	୦.୦୯	ଜାନି ରଘୁ, ପିତା: ଜାନି ଟିଙ୍କୁ, ଜାତି: ପରଜା, ଗ୍ରାମ: କୋଲିଗୁଡ଼ା ୨୪
୩୮୮	୨୬	ବେସରକାରୀ	ଜଙ୍ଗଲା /୨	୦.୫୩୩	ଜାନି ରଘୁ, ପିତା: ଜାନି ଟିଙ୍କୁ, ଜାତି: ପରଜା, ଗ୍ରାମ: କୋଲିଗୁଡ଼ା ୨୬
Cont. Page...
